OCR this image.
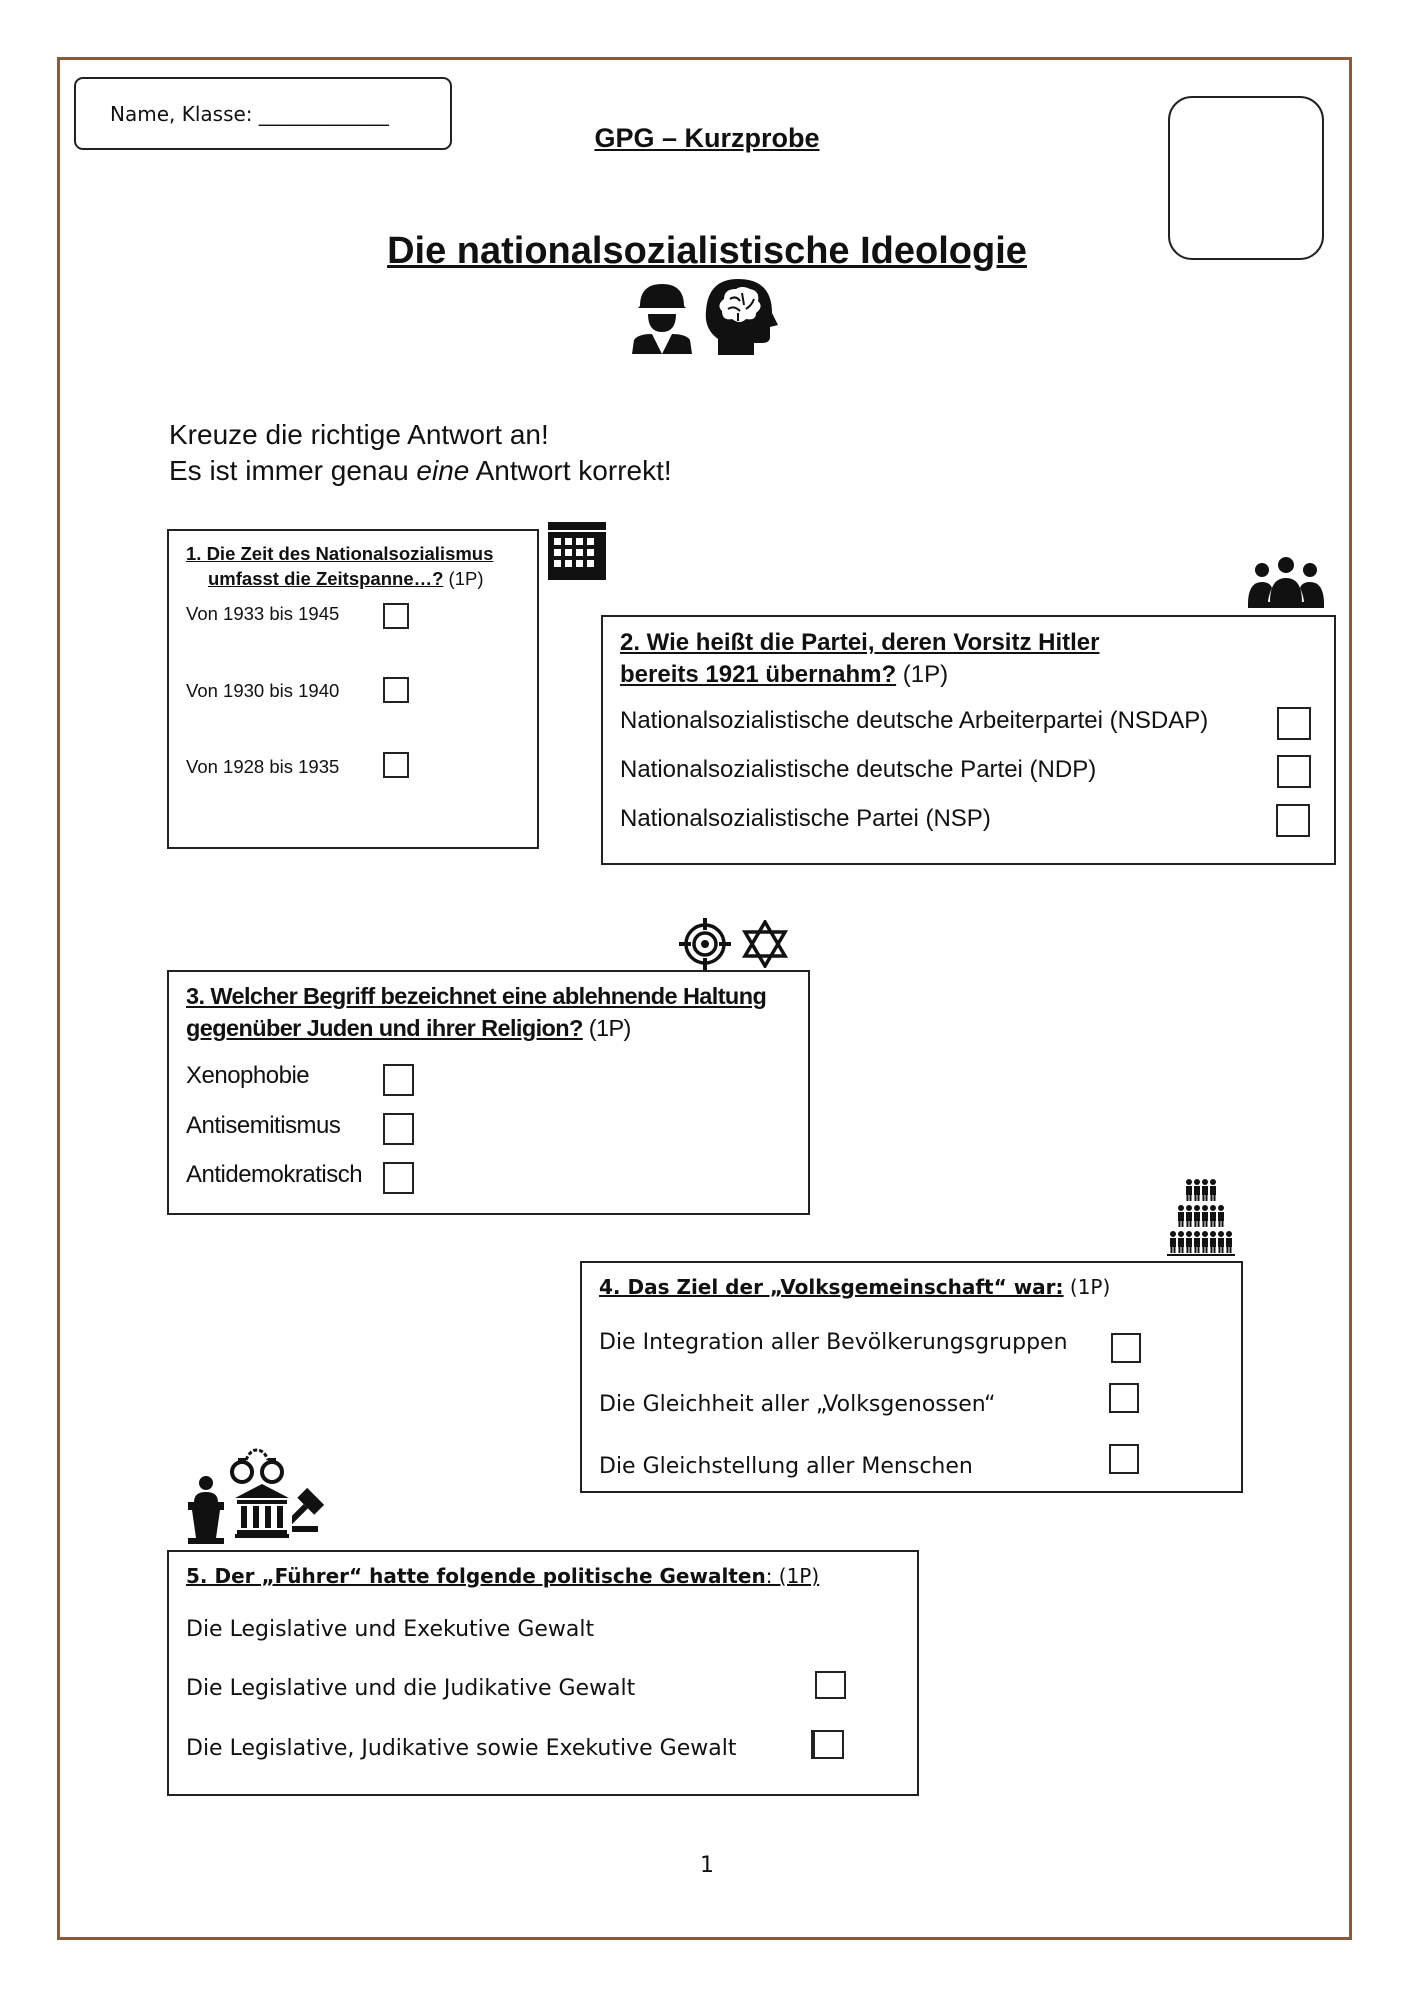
Name, Klasse: _____________
GPG – Kurzprobe
Die nationalsozialistische Ideologie
Kreuze die richtige Antwort an!
Es ist immer genau eine Antwort korrekt!
1. Die Zeit des Nationalsozialismus
umfasst die Zeitspanne…? (1P)
Von 1933 bis 1945
Von 1930 bis 1940
Von 1928 bis 1935
2. Wie heißt die Partei, deren Vorsitz Hitler
bereits 1921 übernahm? (1P)
Nationalsozialistische deutsche Arbeiterpartei (NSDAP)
Nationalsozialistische deutsche Partei (NDP)
Nationalsozialistische Partei (NSP)
3. Welcher Begriff bezeichnet eine ablehnende Haltung
gegenüber Juden und ihrer Religion? (1P)
Xenophobie
Antisemitismus
Antidemokratisch
4. Das Ziel der „Volksgemeinschaft“ war: (1P)
Die Integration aller Bevölkerungsgruppen
Die Gleichheit aller „Volksgenossen“
Die Gleichstellung aller Menschen
5. Der „Führer“ hatte folgende politische Gewalten: (1P)
Die Legislative und Exekutive Gewalt
Die Legislative und die Judikative Gewalt
Die Legislative, Judikative sowie Exekutive Gewalt
1
